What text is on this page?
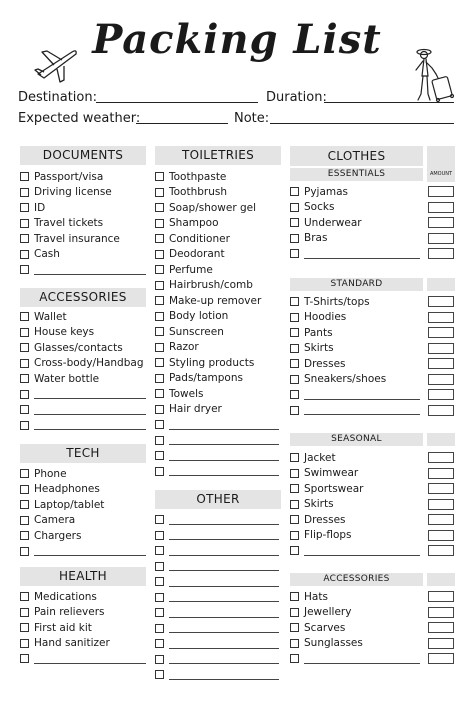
Packing List
Destination:	Duration:
Expected weather:	Note:
DOCUMENTS
Passport/visa
Driving license
ID
Travel tickets
Travel insurance
Cash
ACCESSORIES
Wallet
House keys
Glasses/contacts
Cross-body/Handbag
Water bottle
TECH
Phone
Headphones
Laptop/tablet
Camera
Chargers
HEALTH
Medications
Pain relievers
First aid kit
Hand sanitizer
TOILETRIES
Toothpaste
Toothbrush
Soap/shower gel
Shampoo
Conditioner
Deodorant
Perfume
Hairbrush/comb
Make-up remover
Body lotion
Sunscreen
Razor
Styling products
Pads/tampons
Towels
Hair dryer
OTHER
CLOTHES
AMOUNT
ESSENTIALS
Pyjamas
Socks
Underwear
Bras
STANDARD
T-Shirts/tops
Hoodies
Pants
Skirts
Dresses
Sneakers/shoes
SEASONAL
Jacket
Swimwear
Sportswear
Skirts
Dresses
Flip-flops
ACCESSORIES
Hats
Jewellery
Scarves
Sunglasses
